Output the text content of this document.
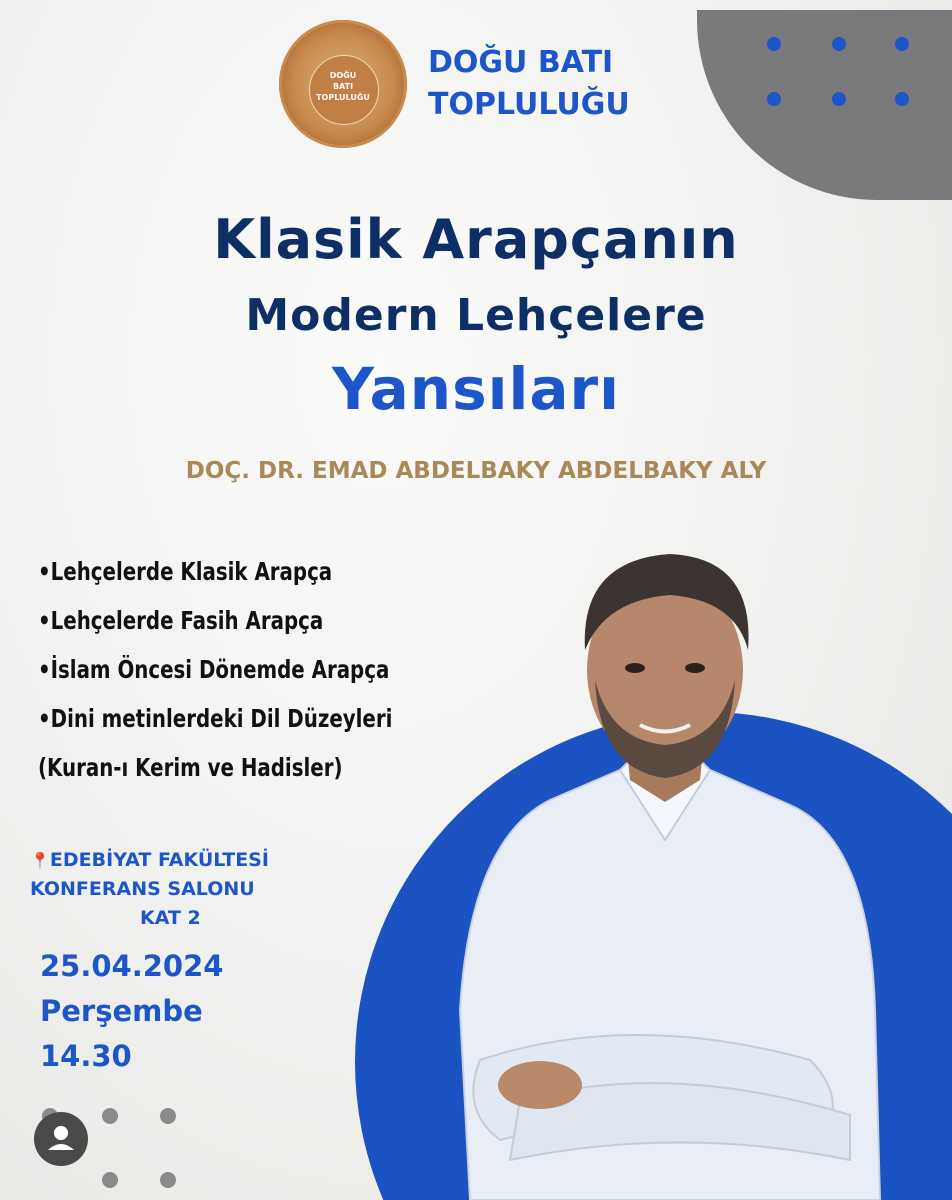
DOĞU
BATI
TOPLULUĞU
DOĞU BATI
TOPLULUĞU
Klasik Arapçanın
Modern Lehçelere
Yansıları
DOÇ. DR. EMAD ABDELBAKY ABDELBAKY ALY
•Lehçelerde Klasik Arapça
•Lehçelerde Fasih Arapça
•İslam Öncesi Dönemde Arapça
•Dini metinlerdeki Dil Düzeyleri
(Kuran-ı Kerim ve Hadisler)
📍EDEBİYAT FAKÜLTESİ
KONFERANS SALONU
KAT 2
25.04.2024
Perşembe
14.30
